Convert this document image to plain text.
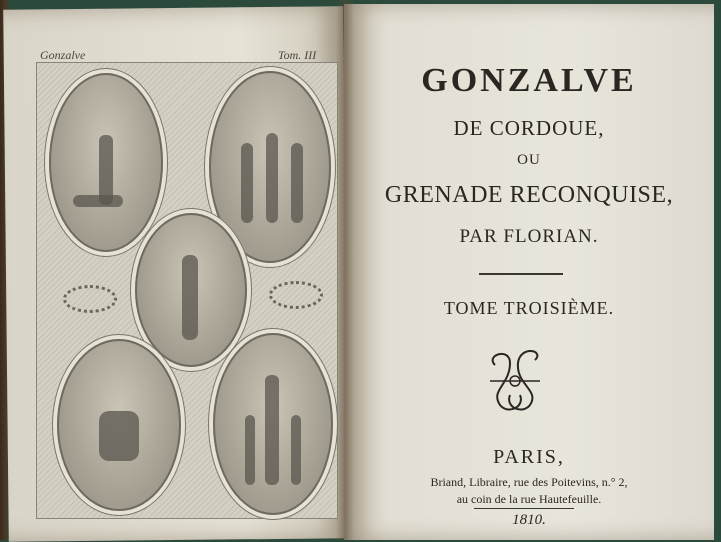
Gonzalve	Tom. III
GONZALVE
DE CORDOUE,
OU
GRENADE RECONQUISE,
PAR FLORIAN.
TOME TROISIÈME.
PARIS,
Briand, Libraire, rue des Poitevins, n.° 2,
au coin de la rue Hautefeuille.
1810.
